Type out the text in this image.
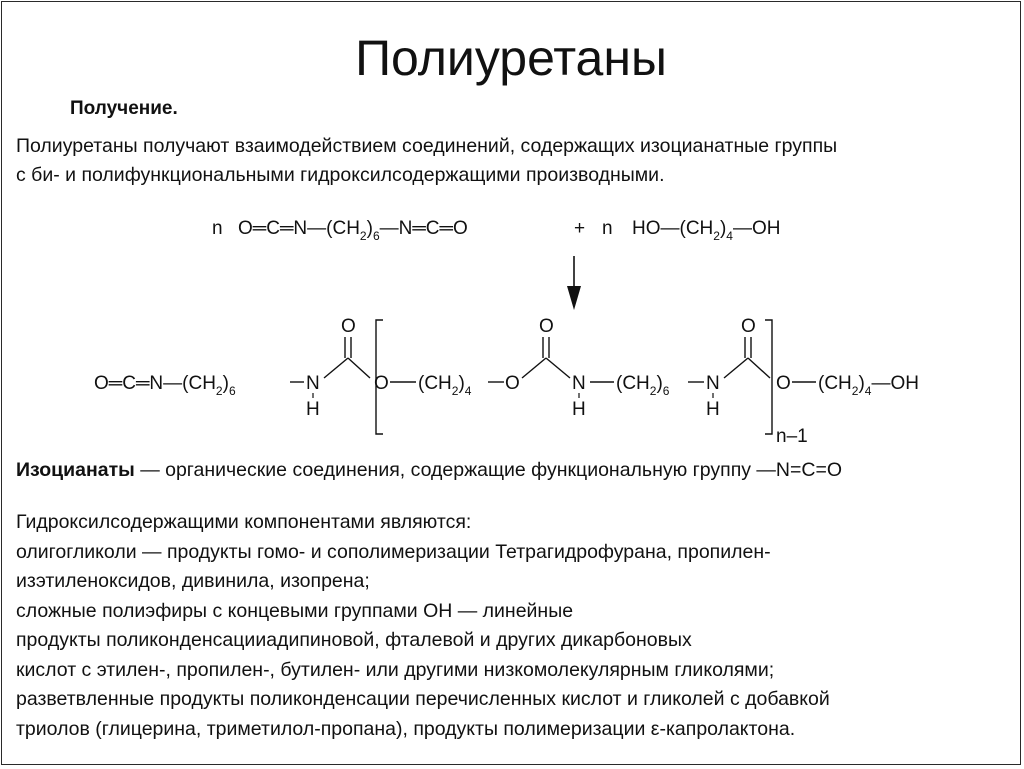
Полиуретаны
Получение.
Полиуретаны получают взаимодействием соединений, содержащих изоцианатные группы
с би- и полифункциональными гидроксилсодержащими производными.
n $O═C═N—(CH_2)_6—N═C═O$	+ n $HO—(CH_2)_4—OH$
$O═C═N—(CH_2)_6$	N
H
O
O $(CH_2)_4$ O
O
N
H
$(CH_2)_6$ N
H
O
n–1
O $(CH_2)_4—OH$
Изоцианаты — органические соединения, содержащие функциональную группу —N=C=O
Гидроксилсодержащими компонентами являются:
олигогликоли — продукты гомо- и сополимеризации Тетрагидрофурана, пропилен-
изэтиленоксидов, дивинила, изопрена;
сложные полиэфиры с концевыми группами ОН — линейные
продукты поликонденсацииадипиновой, фталевой и других дикарбоновых
кислот с этилен-, пропилен-, бутилен- или другими низкомолекулярным гликолями;
разветвленные продукты поликонденсации перечисленных кислот и гликолей с добавкой
триолов (глицерина, триметилол-пропана), продукты полимеризации ε-капролактона.
